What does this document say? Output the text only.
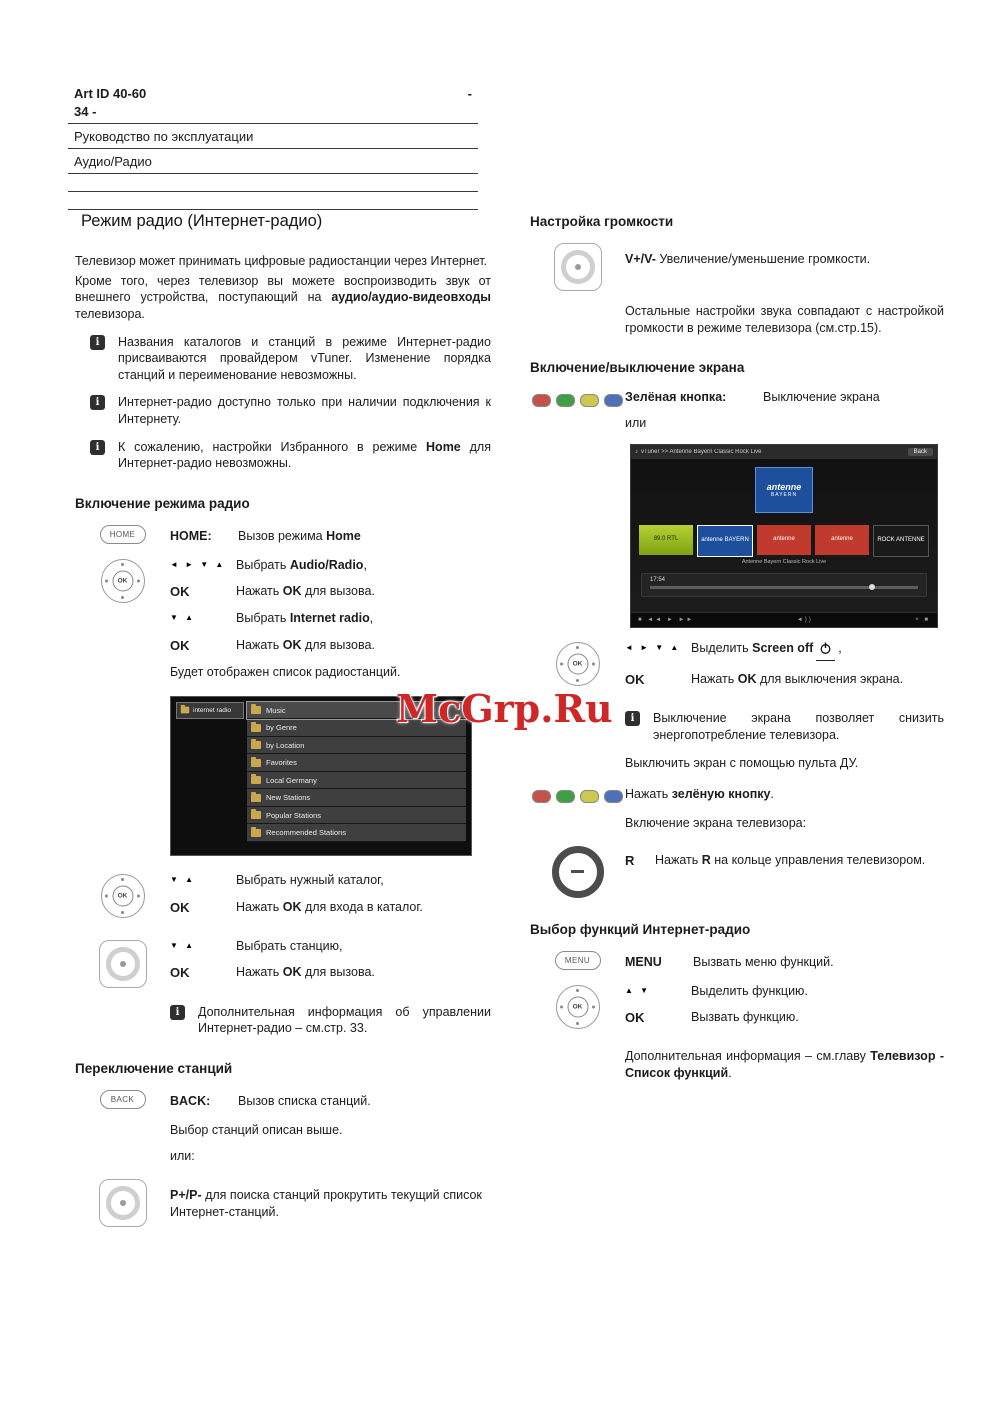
Art ID 40-60	-
34 -
Руководство по эксплуатации
Аудио/Радио
McGrp.Ru
Режим радио (Интернет-радио)

Телевизор может принимать цифровые радиостанции через Интернет.

Кроме того, через телевизор вы можете воспроизводить звук от внешнего устройства, поступающий на аудио/аудио-видеовходы телевизора.

i	Названия каталогов и станций в режиме Интернет-радио присваиваются провайдером vTuner. Изменение порядка станций и переименование невозможны.
i	Интернет-радио доступно только при наличии подключения к Интернету.
i	К сожалению, настройки Избранного в режиме Home для Интернет-радио невозможны.
Включение режима радио
HOME	HOME:	Вызов режима Home
OK
◄ ► ▼ ▲ Выбрать Audio/Radio,
OK	Нажать OK для вызова.
▼ ▲	Выбрать Internet radio,
OK	Нажать OK для вызова.

Будет отображен список радиостанций.

internet radio	Music
by Genre
by Location
Favorites
Local Germany
New Stations
Popular Stations
Recommended Stations
OK
▼ ▲	Выбрать нужный каталог,
OK	Нажать OK для входа в каталог.
▼ ▲	Выбрать станцию,
OK	Нажать OK для вызова.
i	Дополнительная информация об управлении Интернет-радио – см.стр. 33.
Переключение станций
BACK	BACK:	Вызов списка станций.

Выбор станций описан выше.

или:

P+/P- для поиска станций прокрутить текущий список Интернет-станций.
Настройка громкости
V+/V- Увеличение/уменьшение громкости.

Остальные настройки звука совпадают с настройкой громкости в режиме телевизора (см.стр.15).

Включение/выключение экрана
Зелёная кнопка:	Выключение экрана
или
♪ vTuner >> Antenne Bayern Classic Rock Live	Back
antenne
BAYERN
89.0 RTL	antenne BAYERN	antenne	antenne	ROCK ANTENNE
Antenne Bayern Classic Rock Live
17:54
■ ◄◄ ► ►►	◄))	× ■
OK
◄ ► ▼ ▲ Выделить Screen off ,
OK	Нажать OK для выключения экрана.
i	Выключение экрана позволяет снизить энергопотребление телевизора.

Выключить экран с помощью пульта ДУ.

Нажать зелёную кнопку.

Включение экрана телевизора:

R	Нажать R на кольце управления телевизором.
Выбор функций Интернет-радио
MENU	MENU	Вызвать меню функций.
OK
▲ ▼	Выделить функцию.
OK	Вызвать функцию.

Дополнительная информация – см.главу Телевизор - Список функций.
